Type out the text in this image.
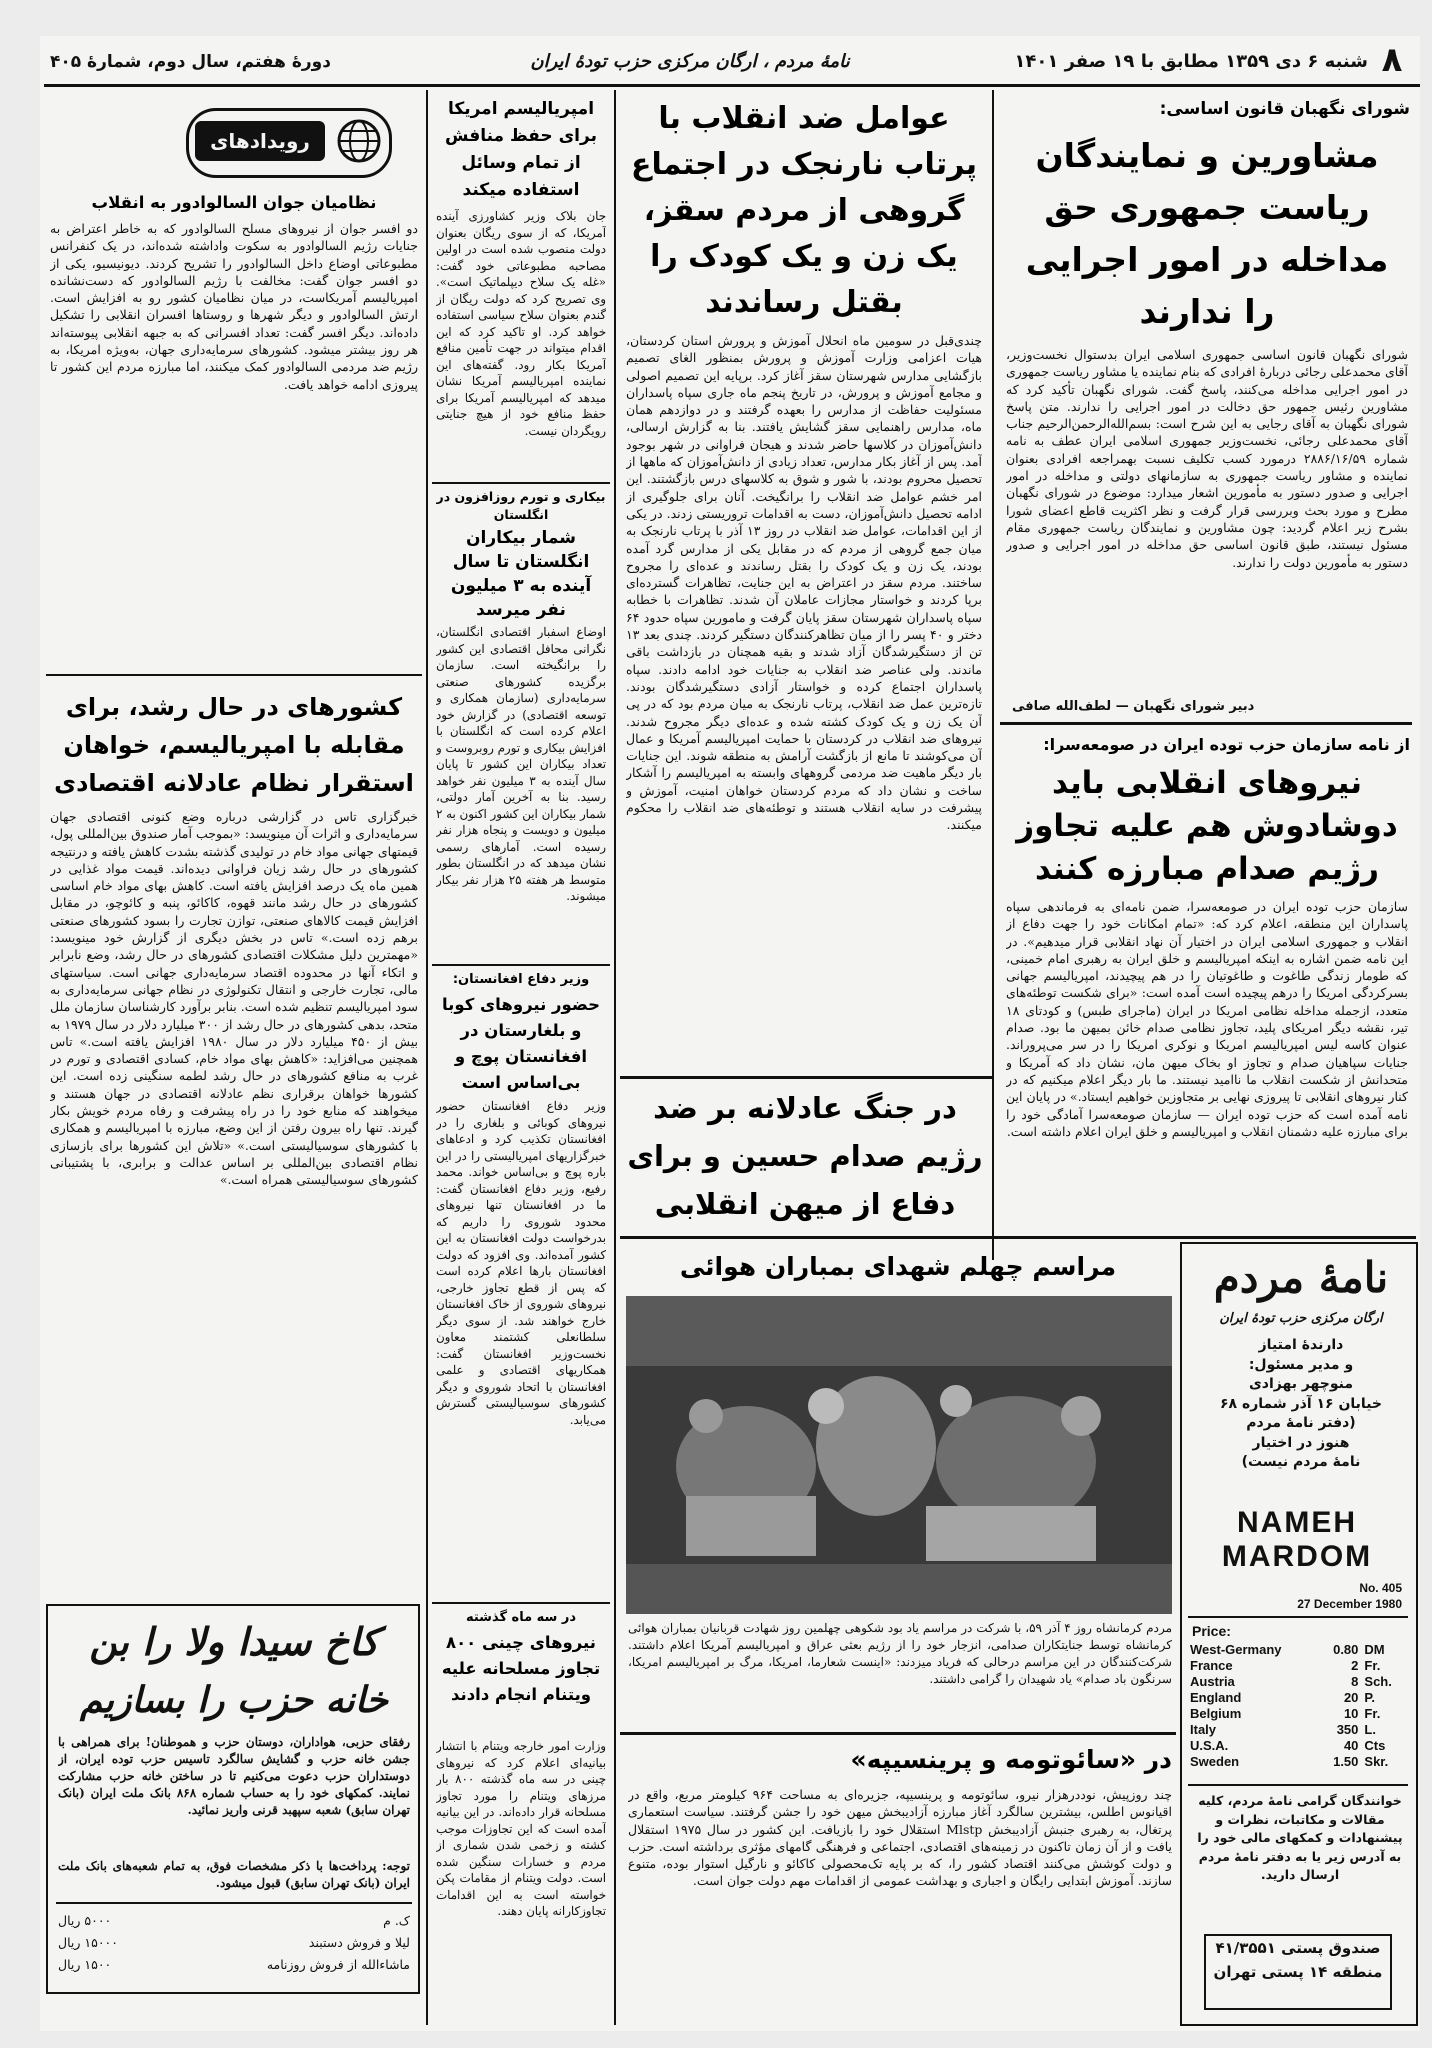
۸
شنبه ۶ دی ۱۳۵۹ مطابق با ۱۹ صفر ۱۴۰۱
نامۀ مردم ، ارگان مرکزی حزب تودۀ ایران
دورۀ هفتم، سال دوم، شمارۀ ۴۰۵
شورای نگهبان قانون اساسی:
مشاورین و نمایندگان ریاست جمهوری حق مداخله در امور اجرایی را ندارند
شورای نگهبان قانون اساسی جمهوری اسلامی ایران بدستوال نخست‌وزیر، آقای محمدعلی رجائی دربارۀ افرادی که بنام نماینده یا مشاور ریاست جمهوری در امور اجرایی مداخله می‌کنند، پاسخ گفت. شورای نگهبان تأکید کرد که مشاورین رئیس جمهور حق دخالت در امور اجرایی را ندارند. متن پاسخ شورای نگهبان به آقای رجایی به این شرح است: بسم‌الله‌الرحمن‌الرحیم جناب آقای محمدعلی رجائی، نخست‌وزیر جمهوری اسلامی ایران عطف به نامه شماره ۲۸۸۶/۱۶/۵۹ درمورد کسب تکلیف نسبت بهمراجعه افرادی بعنوان نماینده و مشاور ریاست جمهوری به سازمانهای دولتی و مداخله در امور اجرایی و صدور دستور به مأمورین اشعار میدارد: موضوع در شورای نگهبان مطرح و مورد بحث وبررسی قرار گرفت و نظر اکثریت قاطع اعضای شورا بشرح زیر اعلام گردید: چون مشاورین و نمایندگان ریاست جمهوری مقام مسئول نیستند، طبق قانون اساسی حق مداخله در امور اجرایی و صدور دستور به مأمورین دولت را ندارند.
دبیر شورای نگهبان — لطف‌الله صافی
از نامه سازمان حزب توده ایران در صومعه‌سرا:
نیروهای انقلابی باید دوشادوش هم علیه تجاوز رژیم صدام مبارزه کنند
سازمان حزب توده ایران در صومعه‌سرا، ضمن نامه‌ای به فرماندهی سپاه پاسداران این منطقه، اعلام کرد که: «تمام امکانات خود را جهت دفاع از انقلاب و جمهوری اسلامی ایران در اختیار آن نهاد انقلابی قرار میدهیم». در این نامه ضمن اشاره به اینکه امپریالیسم و خلق ایران به رهبری امام خمینی، که طومار زندگی طاغوت و طاغوتیان را در هم پیچیدند، امپریالیسم جهانی بسرکردگی امریکا را درهم پیچیده است آمده است: «برای شکست توطئه‌های متعدد، ازجمله مداخله نظامی امریکا در ایران (ماجرای طبس) و کودتای ۱۸ تیر، نقشه دیگر امریکای پلید، تجاوز نظامی صدام خائن بمیهن ما بود. صدام عنوان کاسه لیس امپریالیسم امریکا و نوکری امریکا را در سر می‌پروراند. جنایات سپاهیان صدام و تجاوز او بخاک میهن مان، نشان داد که آمریکا و متحدانش از شکست انقلاب ما ناامید نیستند. ما بار دیگر اعلام میکنیم که در کنار نیروهای انقلابی تا پیروزی نهایی بر متجاوزین خواهیم ایستاد.» در پایان این نامه آمده است که حزب توده ایران — سازمان صومعه‌سرا آمادگی خود را برای مبارزه علیه دشمنان انقلاب و امپریالیسم و خلق ایران اعلام داشته است.
نامۀ مردم
ارگان مرکزی حزب تودۀ ایران
دارندۀ امتیاز
و مدیر مسئول:
منوچهر بهزادی
خیابان ۱۶ آذر شماره ۶۸
(دفتر نامۀ مردم
هنوز در اختیار
نامۀ مردم نیست)
NAMEH
MARDOM
No. 405
27 December 1980
Price:
West-Germany	0.80 DM
France	2 Fr.
Austria	8 Sch.
England	20 P.
Belgium	10 Fr.
Italy	350 L.
U.S.A.	40 Cts
Sweden	1.50 Skr.
خوانندگان گرامی نامۀ مردم، کلیه مقالات و مکاتبات، نظرات و پیشنهادات و کمکهای مالی خود را به آدرس زیر یا به دفتر نامۀ مردم ارسال دارید.
صندوق پستی ۴۱/۳۵۵۱ منطقه ۱۴ پستی تهران
عوامل ضد انقلاب با پرتاب نارنجک در اجتماع گروهی از مردم سقز، یک زن و یک کودک را بقتل رساندند
چندی‌قبل در سومین ماه انحلال آموزش و پرورش استان کردستان، هیات اعزامی وزارت آموزش و پرورش بمنظور الغای تصمیم بازگشایی مدارس شهرستان سقز آغاز کرد. برپایه این تصمیم اصولی و مجامع آموزش و پرورش، در تاریخ پنجم ماه جاری سپاه پاسداران مسئولیت حفاظت از مدارس را بعهده گرفتند و در دوازدهم همان ماه، مدارس راهنمایی سقز گشایش یافتند. بنا به گزارش ارسالی، دانش‌آموزان در کلاسها حاضر شدند و هیجان فراوانی در شهر بوجود آمد. پس از آغاز بکار مدارس، تعداد زیادی از دانش‌آموزان که ماهها از تحصیل محروم بودند، با شور و شوق به کلاسهای درس بازگشتند. این امر خشم عوامل ضد انقلاب را برانگیخت. آنان برای جلوگیری از ادامه تحصیل دانش‌آموزان، دست به اقدامات تروریستی زدند. در یکی از این اقدامات، عوامل ضد انقلاب در روز ۱۳ آذر با پرتاب نارنجک به میان جمع گروهی از مردم که در مقابل یکی از مدارس گرد آمده بودند، یک زن و یک کودک را بقتل رساندند و عده‌ای را مجروح ساختند. مردم سقز در اعتراض به این جنایت، تظاهرات گسترده‌ای برپا کردند و خواستار مجازات عاملان آن شدند. تظاهرات با خطابه سپاه پاسداران شهرستان سقز پایان گرفت و مامورین سپاه حدود ۶۴ دختر و ۴۰ پسر را از میان تظاهرکنندگان دستگیر کردند. چندی بعد ۱۳ تن از دستگیرشدگان آزاد شدند و بقیه همچنان در بازداشت باقی ماندند. ولی عناصر ضد انقلاب به جنایات خود ادامه دادند. سپاه پاسداران اجتماع کرده و خواستار آزادی دستگیرشدگان بودند. تازه‌ترین عمل ضد انقلاب، پرتاب نارنجک به میان مردم بود که در پی آن یک زن و یک کودک کشته شده و عده‌ای دیگر مجروح شدند. نیروهای ضد انقلاب در کردستان با حمایت امپریالیسم آمریکا و عمال آن می‌کوشند تا مانع از بازگشت آرامش به منطقه شوند. این جنایات بار دیگر ماهیت ضد مردمی گروههای وابسته به امپریالیسم را آشکار ساخت و نشان داد که مردم کردستان خواهان امنیت، آموزش و پیشرفت در سایه انقلاب هستند و توطئه‌های ضد انقلاب را محکوم میکنند.
در جنگ عادلانه بر ضد رژیم صدام حسین و برای دفاع از میهن انقلابی
مراسم چهلم شهدای بمباران هوائی
مردم کرمانشاه روز ۴ آذر ۵۹، با شرکت در مراسم یاد بود شکوهی چهلمین روز شهادت قربانیان بمباران هوائی کرمانشاه توسط جنایتکاران صدامی، انزجار خود را از رژیم بعثی عراق و امپریالیسم آمریکا اعلام داشتند. شرکت‌کنندگان در این مراسم درحالی که فریاد میزدند: «اینست شعارما، امریکا، مرگ بر امپریالیسم امریکا، سرنگون باد صدام» یاد شهیدان را گرامی داشتند.
در «سائوتومه و پرینسیپه»
چند روزپیش، نوددرهزار نیرو، سائوتومه و پرینسیپه، جزیره‌ای به مساحت ۹۶۴ کیلومتر مربع، واقع در اقیانوس اطلس، بیشترین سالگرد آغاز مبارزه آزادیبخش میهن خود را جشن گرفتند. سیاست استعماری پرتغال، به رهبری جنبش آزادیبخش Mlstp استقلال خود را بازیافت. این کشور در سال ۱۹۷۵ استقلال یافت و از آن زمان تاکنون در زمینه‌های اقتصادی، اجتماعی و فرهنگی گامهای مؤثری برداشته است. حزب و دولت کوشش می‌کنند اقتصاد کشور را، که بر پایه تک‌محصولی کاکائو و نارگیل استوار بوده، متنوع سازند. آموزش ابتدایی رایگان و اجباری و بهداشت عمومی از اقدامات مهم دولت جوان است.
امپریالیسم امریکا برای حفظ منافش از تمام وسائل استفاده میکند
جان بلاک وزیر کشاورزی آینده آمریکا، که از سوی ریگان بعنوان دولت منصوب شده است در اولین مصاحبه مطبوعاتی خود گفت: «غله یک سلاح دیپلماتیک است». وی تصریح کرد که دولت ریگان از گندم بعنوان سلاح سیاسی استفاده خواهد کرد. او تاکید کرد که این اقدام میتواند در جهت تأمین منافع آمریکا بکار رود. گفته‌های این نماینده امپریالیسم آمریکا نشان میدهد که امپریالیسم آمریکا برای حفظ منافع خود از هیچ جنایتی رویگردان نیست.
بیکاری و تورم روزافزون در انگلستان
شمار بیکاران انگلستان تا سال آینده به ۳ میلیون نفر میرسد
اوضاع اسفبار اقتصادی انگلستان، نگرانی محافل اقتصادی این کشور را برانگیخته است. سازمان برگزیده کشورهای صنعتی سرمایه‌داری (سازمان همکاری و توسعه اقتصادی) در گزارش خود اعلام کرده است که انگلستان با افزایش بیکاری و تورم روبروست و تعداد بیکاران این کشور تا پایان سال آینده به ۳ میلیون نفر خواهد رسید. بنا به آخرین آمار دولتی، شمار بیکاران این کشور اکنون به ۲ میلیون و دویست و پنجاه هزار نفر رسیده است. آمارهای رسمی نشان میدهد که در انگلستان بطور متوسط هر هفته ۲۵ هزار نفر بیکار میشوند.
وزیر دفاع افغانستان:
حضور نیروهای کوبا و بلغارستان در افغانستان پوچ و بی‌اساس است
وزیر دفاع افغانستان حضور نیروهای کوبائی و بلغاری را در افغانستان تکذیب کرد و ادعاهای خبرگزاریهای امپریالیستی را در این باره پوچ و بی‌اساس خواند. محمد رفیع، وزیر دفاع افغانستان گفت: ما در افغانستان تنها نیروهای محدود شوروی را داریم که بدرخواست دولت افغانستان به این کشور آمده‌اند. وی افزود که دولت افغانستان بارها اعلام کرده است که پس از قطع تجاوز خارجی، نیروهای شوروی از خاک افغانستان خارج خواهند شد. از سوی دیگر سلطانعلی کشتمند معاون نخست‌وزیر افغانستان گفت: همکاریهای اقتصادی و علمی افغانستان با اتحاد شوروی و دیگر کشورهای سوسیالیستی گسترش می‌یابد.
در سه ماه گذشته
نیروهای چینی ۸۰۰ تجاوز مسلحانه علیه ویتنام انجام دادند
وزارت امور خارجه ویتنام با انتشار بیانیه‌ای اعلام کرد که نیروهای چینی در سه ماه گذشته ۸۰۰ بار مرزهای ویتنام را مورد تجاوز مسلحانه قرار داده‌اند. در این بیانیه آمده است که این تجاوزات موجب کشته و زخمی شدن شماری از مردم و خسارات سنگین شده است. دولت ویتنام از مقامات پکن خواسته است به این اقدامات تجاوزکارانه پایان دهند.
رویدادهای
نظامیان جوان السالوادور به انقلاب
دو افسر جوان از نیروهای مسلح السالوادور که به خاطر اعتراض به جنایات رژیم السالوادور به سکوت واداشته شده‌اند، در یک کنفرانس مطبوعاتی اوضاع داخل السالوادور را تشریح کردند. دیونیسیو، یکی از دو افسر جوان گفت: مخالفت با رژیم السالوادور که دست‌نشانده امپریالیسم آمریکاست، در میان نظامیان کشور رو به افزایش است. ارتش السالوادور و دیگر شهرها و روستاها افسران انقلابی را تشکیل داده‌اند. دیگر افسر گفت: تعداد افسرانی که به جبهه انقلابی پیوسته‌اند هر روز بیشتر میشود. کشورهای سرمایه‌داری جهان، به‌ویژه امریکا، به رژیم ضد مردمی السالوادور کمک میکنند، اما مبارزه مردم این کشور تا پیروزی ادامه خواهد یافت.
کشورهای در حال رشد، برای مقابله با امپریالیسم، خواهان استقرار نظام عادلانه اقتصادی
خبرگزاری تاس در گزارشی درباره وضع کنونی اقتصادی جهان سرمایه‌داری و اثرات آن مینویسد: «بموجب آمار صندوق بین‌المللی پول، قیمتهای جهانی مواد خام در تولیدی گذشته بشدت کاهش یافته و درنتیجه کشورهای در حال رشد زیان فراوانی دیده‌اند. قیمت مواد غذایی در همین ماه یک درصد افزایش یافته است. کاهش بهای مواد خام اساسی کشورهای در حال رشد مانند قهوه، کاکائو، پنبه و کائوچو، در مقابل افزایش قیمت کالاهای صنعتی، توازن تجارت را بسود کشورهای صنعتی برهم زده است.» تاس در بخش دیگری از گزارش خود مینویسد: «مهمترین دلیل مشکلات اقتصادی کشورهای در حال رشد، وضع نابرابر و اتکاء آنها در محدوده اقتصاد سرمایه‌داری جهانی است. سیاستهای مالی، تجارت خارجی و انتقال تکنولوژی در نظام جهانی سرمایه‌داری به سود امپریالیسم تنظیم شده است. بنابر برآورد کارشناسان سازمان ملل متحد، بدهی کشورهای در حال رشد از ۳۰۰ میلیارد دلار در سال ۱۹۷۹ به بیش از ۴۵۰ میلیارد دلار در سال ۱۹۸۰ افزایش یافته است.» تاس همچنین می‌افزاید: «کاهش بهای مواد خام، کسادی اقتصادی و تورم در غرب به منافع کشورهای در حال رشد لطمه سنگینی زده است. این کشورها خواهان برقراری نظم عادلانه اقتصادی در جهان هستند و میخواهند که منابع خود را در راه پیشرفت و رفاه مردم خویش بکار گیرند. تنها راه بیرون رفتن از این وضع، مبارزه با امپریالیسم و همکاری با کشورهای سوسیالیستی است.» «تلاش این کشورها برای بازسازی نظام اقتصادی بین‌المللی بر اساس عدالت و برابری، با پشتیبانی کشورهای سوسیالیستی همراه است.»
کاخ سیدا ولا را بن
خانه حزب را بسازیم
رفقای حزبی، هواداران، دوستان حزب و هموطنان! برای همراهی با جشن خانه حزب و گشایش سالگرد تاسیس حزب توده ایران، از دوستداران حزب دعوت می‌کنیم تا در ساختن خانه حزب مشارکت نمایند. کمکهای خود را به حساب شماره ۸۶۸ بانک ملت ایران (بانک تهران سابق) شعبه سپهبد قرنی واریز نمائید.
توجه: پرداخت‌ها با ذکر مشخصات فوق، به تمام شعبه‌های بانک ملت ایران (بانک تهران سابق) قبول میشود.
ک. م
۵۰۰۰ ریال
لیلا و فروش دستبند
۱۵۰۰۰ ریال
ماشاءالله از فروش روزنامه
۱۵۰۰ ریال
